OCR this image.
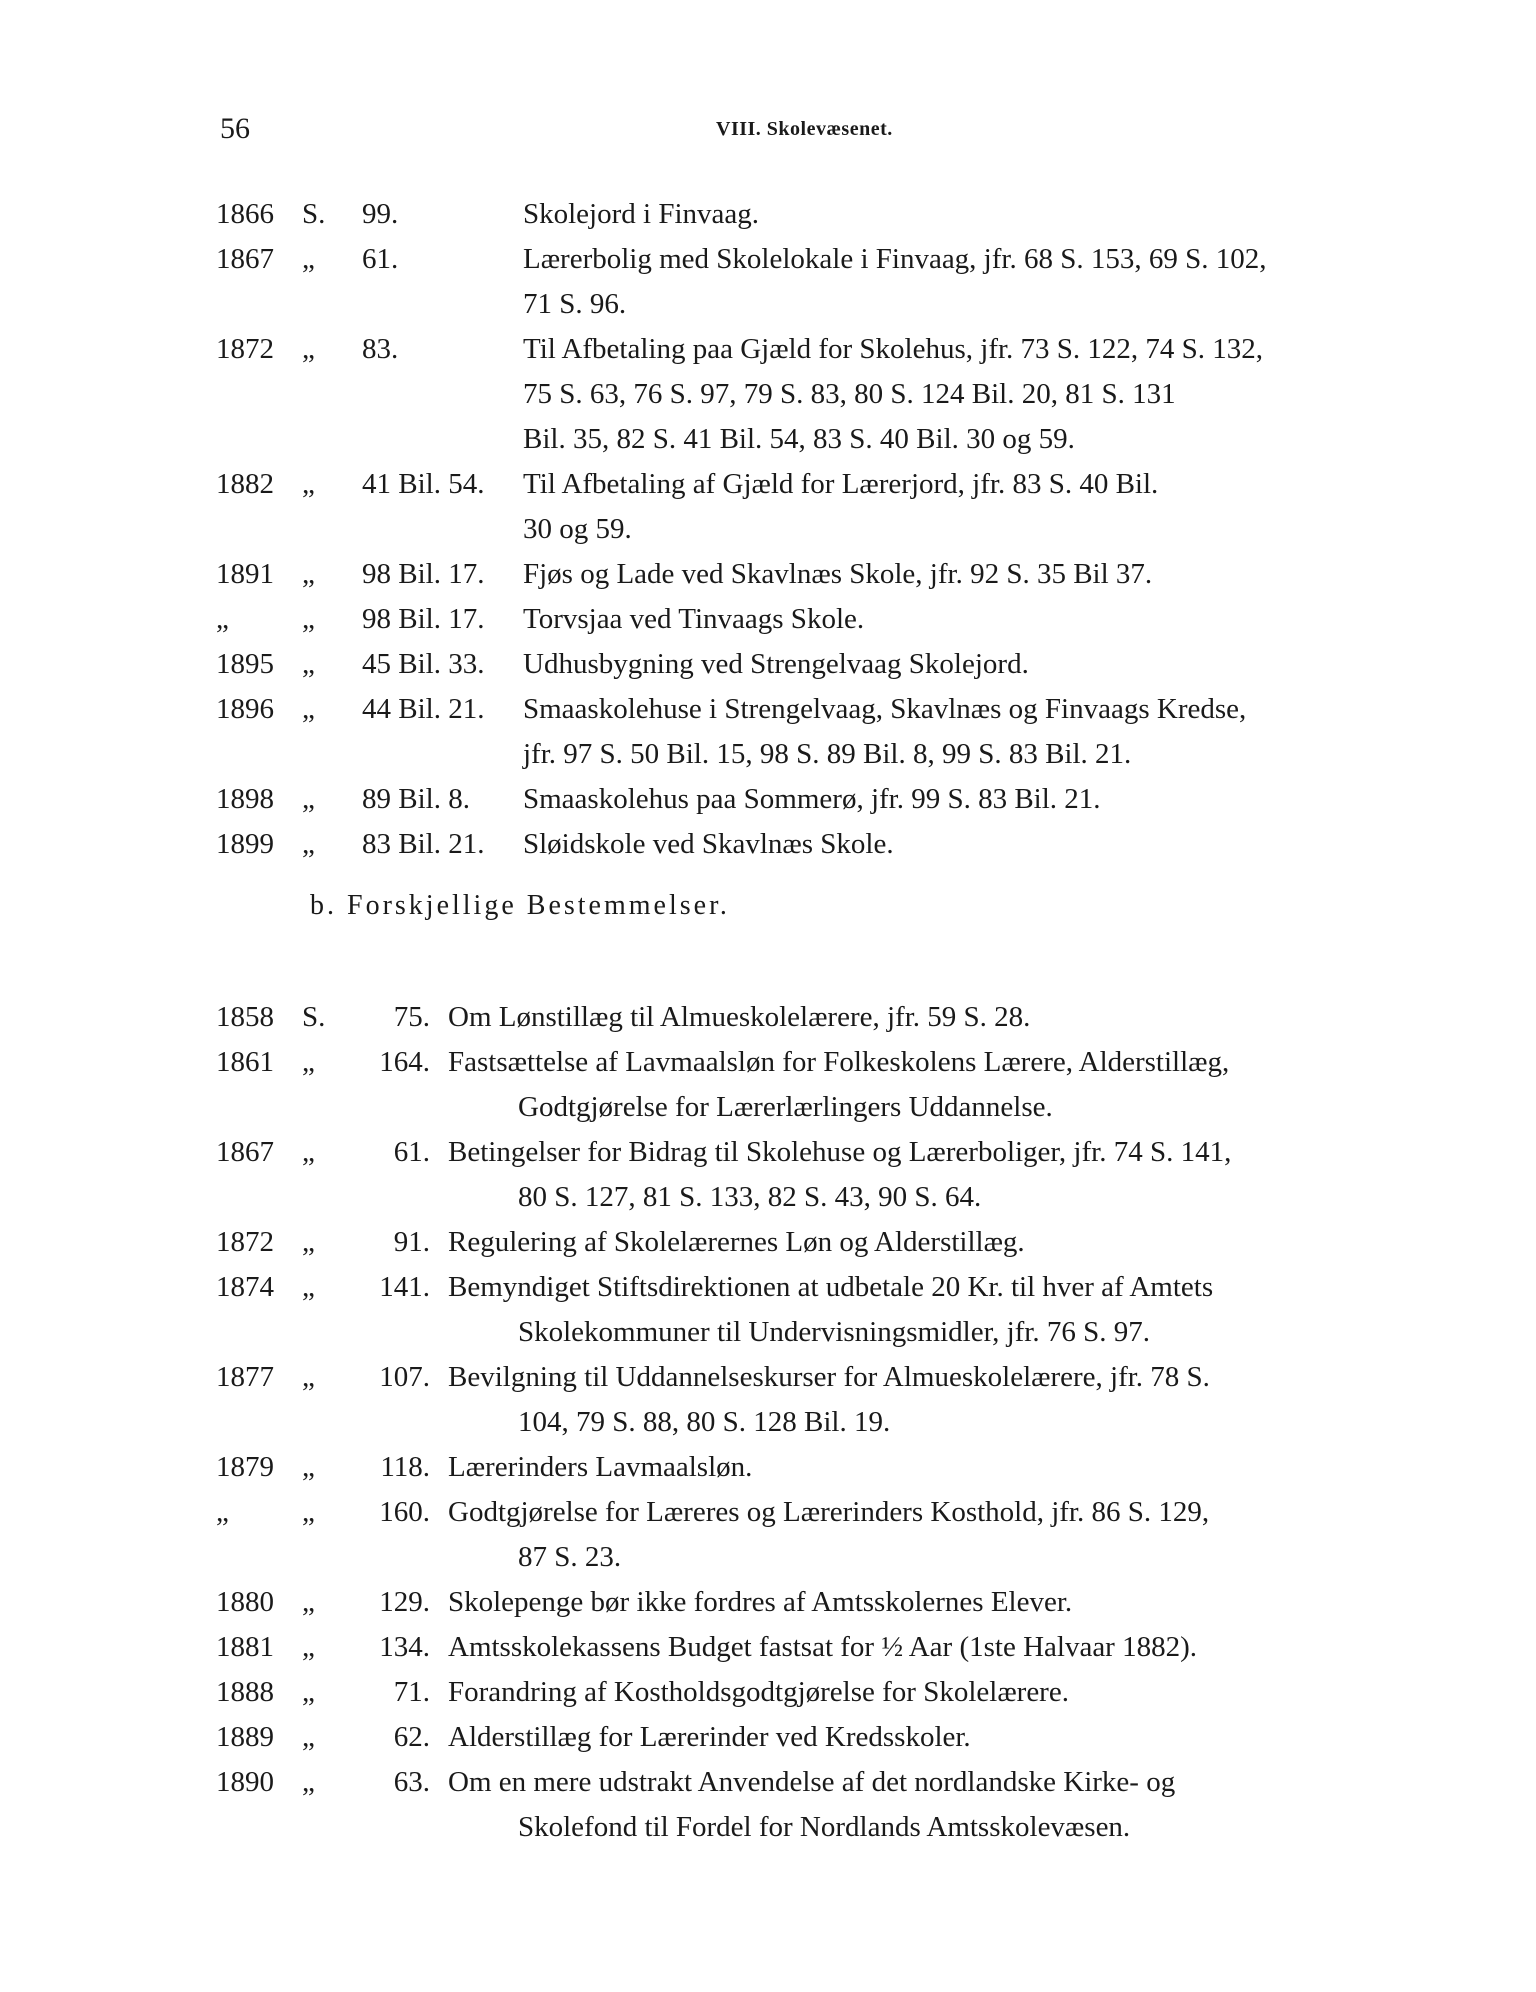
56	VIII. Skolevæsenet.
1866 S.	99.	Skolejord i Finvaag.
1867 „	61.	Lærerbolig med Skolelokale i Finvaag, jfr. 68 S. 153, 69 S. 102,
71 S. 96.
1872 „	83.	Til Afbetaling paa Gjæld for Skolehus, jfr. 73 S. 122, 74 S. 132,
75 S. 63, 76 S. 97, 79 S. 83, 80 S. 124 Bil. 20, 81 S. 131
Bil. 35, 82 S. 41 Bil. 54, 83 S. 40 Bil. 30 og 59.
1882 „	41 Bil. 54.	Til Afbetaling af Gjæld for Lærerjord, jfr. 83 S. 40 Bil.
30 og 59.
1891 „	98 Bil. 17.	Fjøs og Lade ved Skavlnæs Skole, jfr. 92 S. 35 Bil 37.
„	„	98 Bil. 17.	Torvsjaa ved Tinvaags Skole.
1895 „	45 Bil. 33.	Udhusbygning ved Strengelvaag Skolejord.
1896 „	44 Bil. 21.	Smaaskolehuse i Strengelvaag, Skavlnæs og Finvaags Kredse,
jfr. 97 S. 50 Bil. 15, 98 S. 89 Bil. 8, 99 S. 83 Bil. 21.
1898 „	89 Bil. 8.	Smaaskolehus paa Sommerø, jfr. 99 S. 83 Bil. 21.
1899 „	83 Bil. 21.	Sløidskole ved Skavlnæs Skole.
b. Forskjellige Bestemmelser.
1858 S.	75. Om Lønstillæg til Almueskolelærere, jfr. 59 S. 28.
1861 „	164. Fastsættelse af Lavmaalsløn for Folkeskolens Lærere, Alderstillæg,
Godtgjørelse for Lærerlærlingers Uddannelse.
1867 „	61. Betingelser for Bidrag til Skolehuse og Lærerboliger, jfr. 74 S. 141,
80 S. 127, 81 S. 133, 82 S. 43, 90 S. 64.
1872 „	91. Regulering af Skolelærernes Løn og Alderstillæg.
1874 „	141. Bemyndiget Stiftsdirektionen at udbetale 20 Kr. til hver af Amtets
Skolekommuner til Undervisningsmidler, jfr. 76 S. 97.
1877 „	107. Bevilgning til Uddannelseskurser for Almueskolelærere, jfr. 78 S.
104, 79 S. 88, 80 S. 128 Bil. 19.
1879 „	118. Lærerinders Lavmaalsløn.
„	„	160. Godtgjørelse for Læreres og Lærerinders Kosthold, jfr. 86 S. 129,
87 S. 23.
1880 „	129. Skolepenge bør ikke fordres af Amtsskolernes Elever.
1881 „	134. Amtsskolekassens Budget fastsat for ½ Aar (1ste Halvaar 1882).
1888 „	71. Forandring af Kostholdsgodtgjørelse for Skolelærere.
1889 „	62. Alderstillæg for Lærerinder ved Kredsskoler.
1890 „	63. Om en mere udstrakt Anvendelse af det nordlandske Kirke- og
Skolefond til Fordel for Nordlands Amtsskolevæsen.
